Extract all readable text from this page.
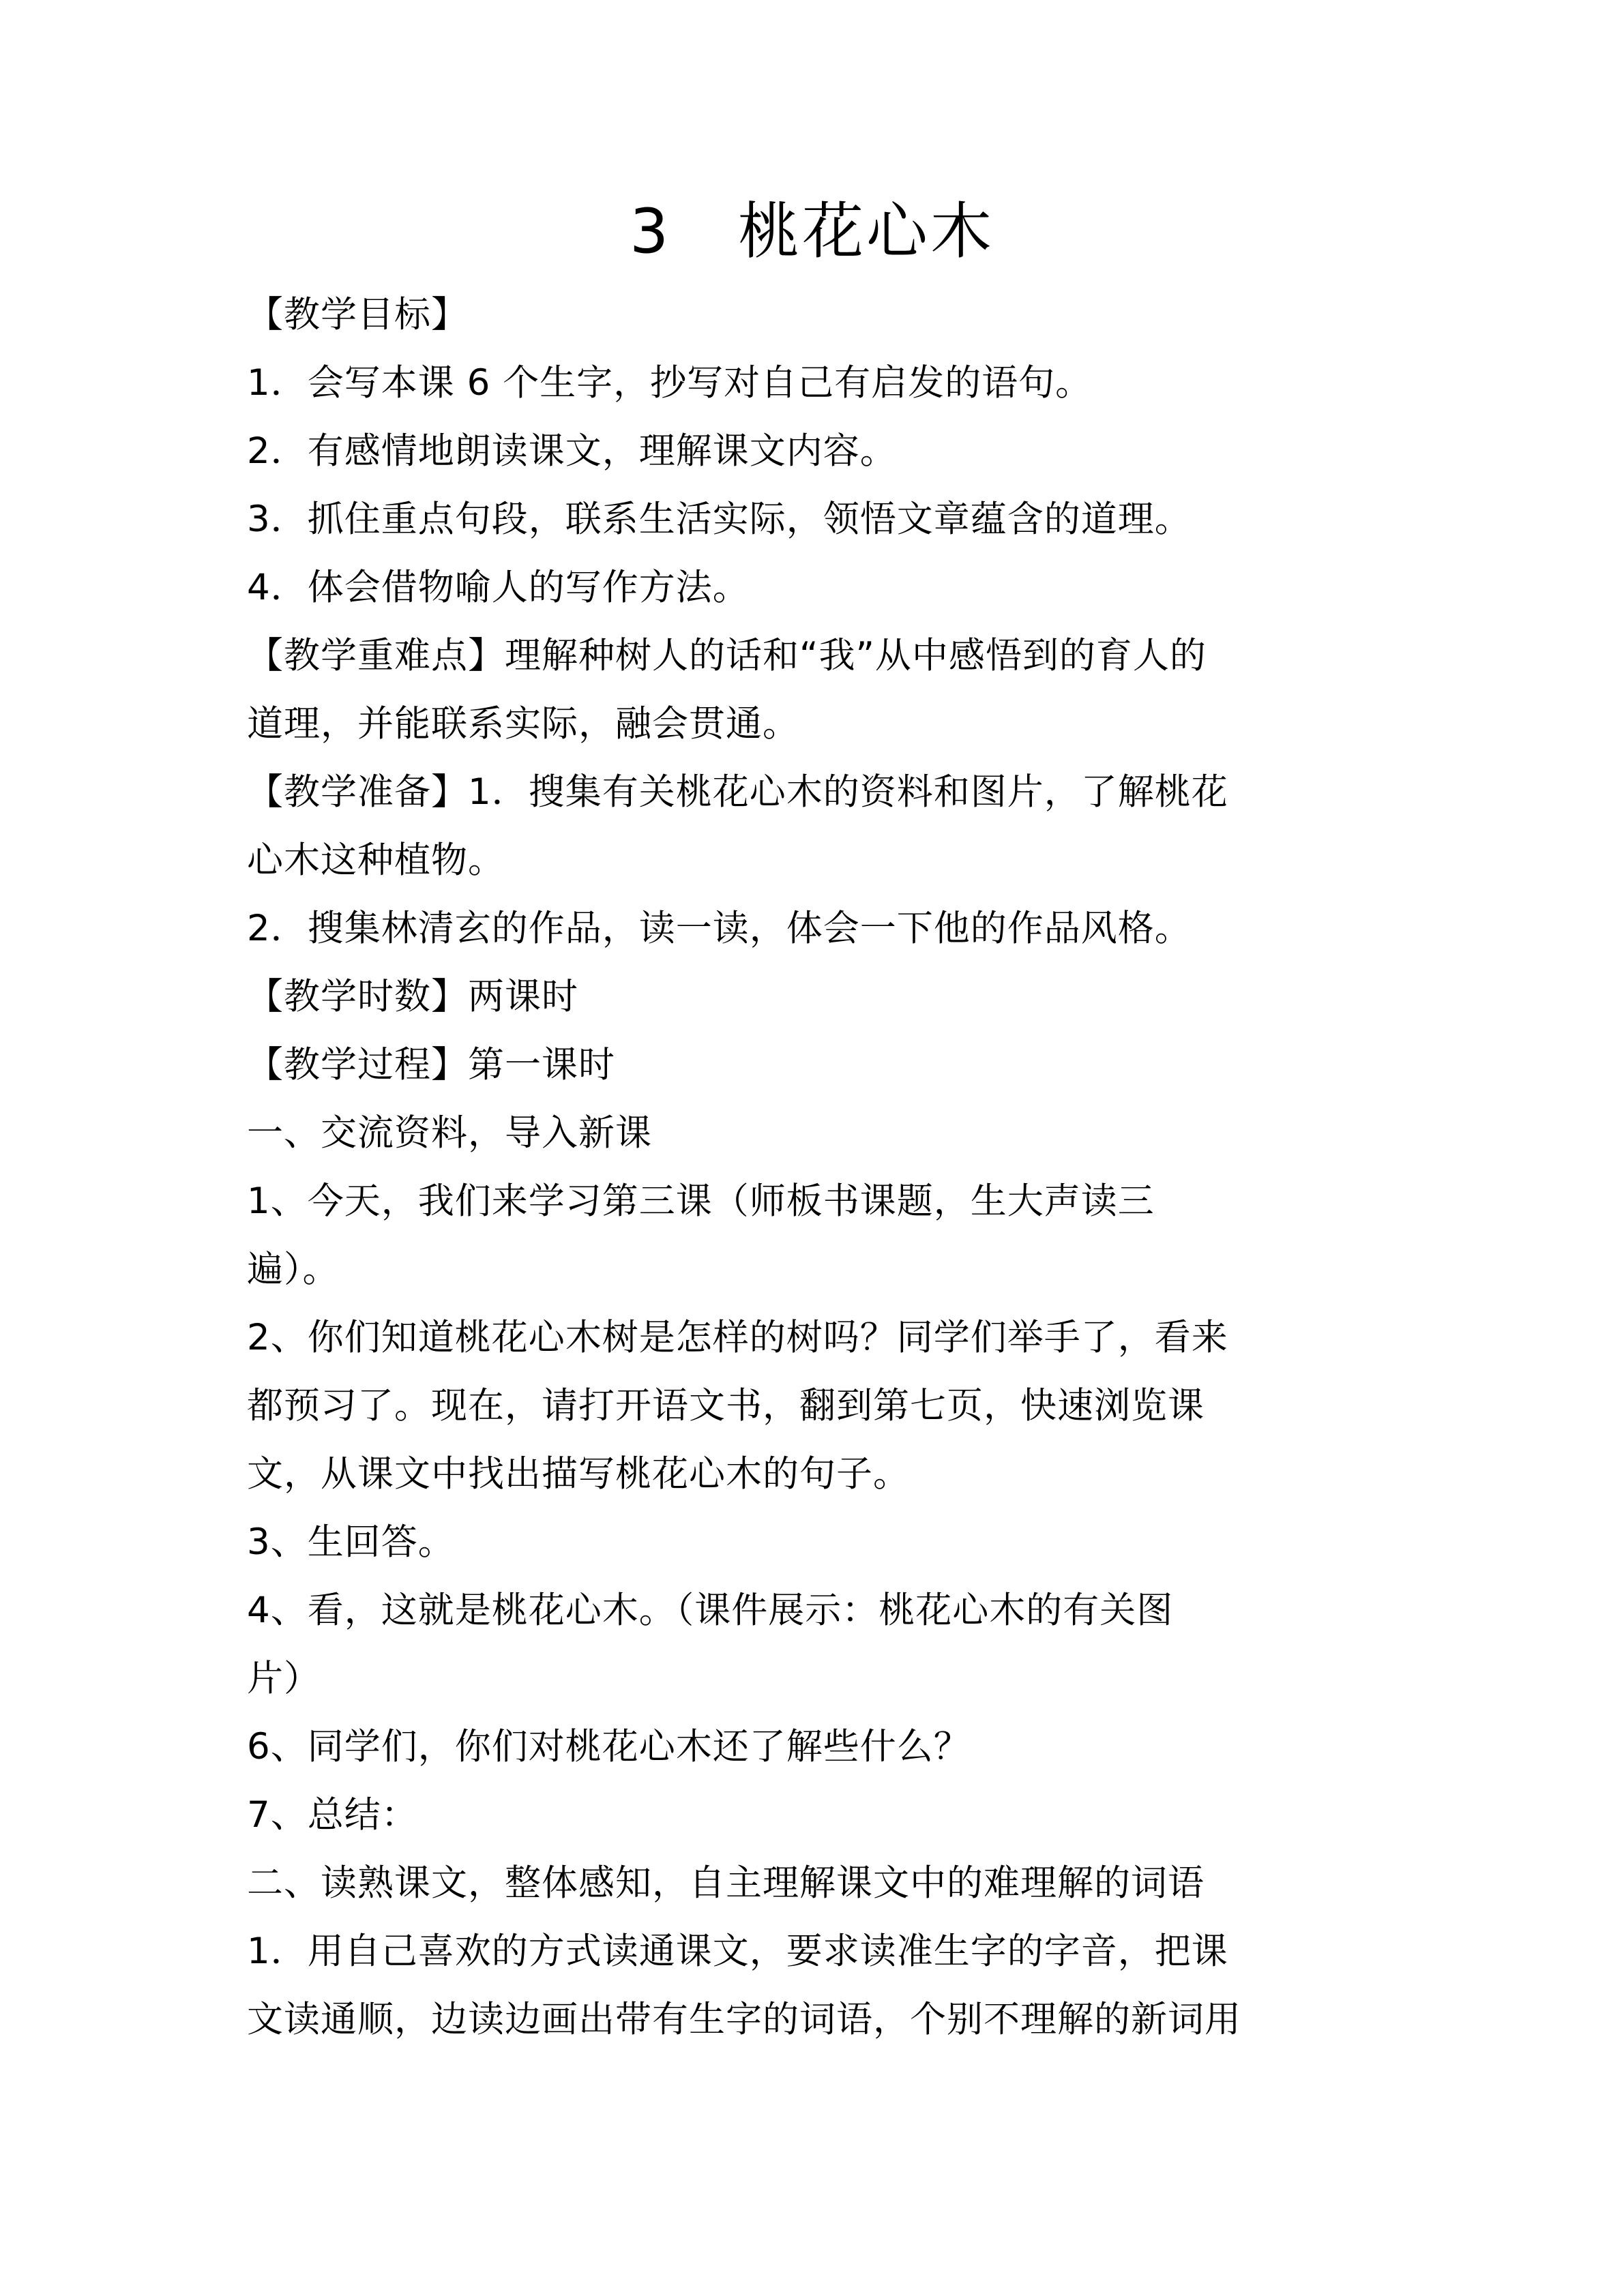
3   桃花心木
【教学目标】
1．会写本课 6 个生字，抄写对自己有启发的语句。
2．有感情地朗读课文，理解课文内容。
3．抓住重点句段，联系生活实际，领悟文章蕴含的道理。
4．体会借物喻人的写作方法。
【教学重难点】理解种树人的话和“我”从中感悟到的育人的
道理，并能联系实际，融会贯通。
【教学准备】1．搜集有关桃花心木的资料和图片，了解桃花
心木这种植物。
2．搜集林清玄的作品，读一读，体会一下他的作品风格。
【教学时数】两课时
【教学过程】第一课时
一、交流资料，导入新课
1、今天，我们来学习第三课（师板书课题，生大声读三
遍）。
2、你们知道桃花心木树是怎样的树吗？同学们举手了，看来
都预习了。现在，请打开语文书，翻到第七页，快速浏览课
文，从课文中找出描写桃花心木的句子。
3、生回答。
4、看，这就是桃花心木。（课件展示：桃花心木的有关图
片）
6、同学们，你们对桃花心木还了解些什么？
7、总结：
二、读熟课文，整体感知，自主理解课文中的难理解的词语
1．用自己喜欢的方式读通课文，要求读准生字的字音，把课
文读通顺，边读边画出带有生字的词语，个别不理解的新词用
